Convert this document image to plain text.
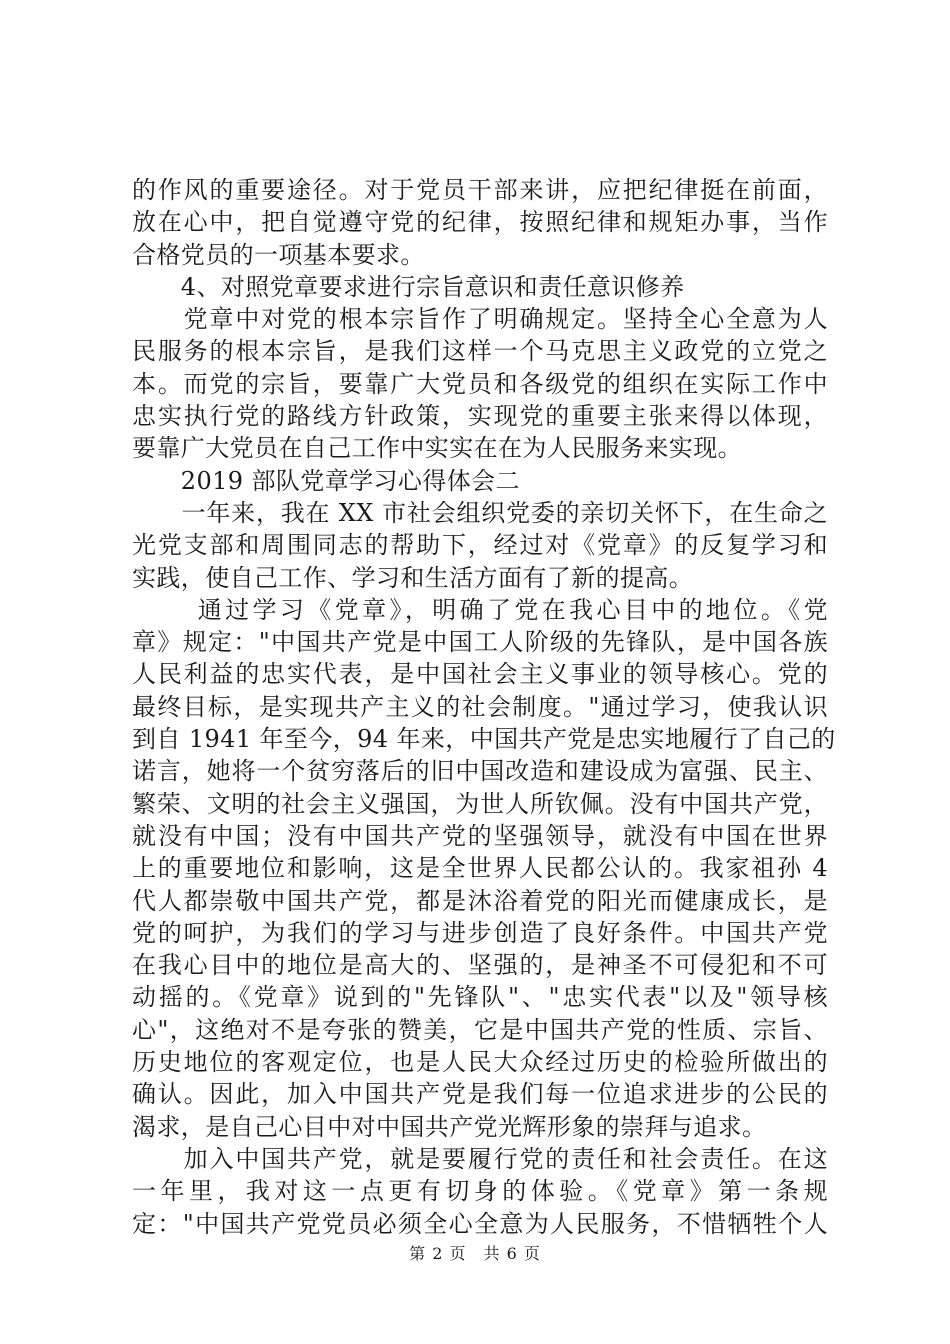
的作风的重要途径。对于党员干部来讲，应把纪律挺在前面，
放在心中，把自觉遵守党的纪律，按照纪律和规矩办事，当作
合格党员的一项基本要求。
　　4、对照党章要求进行宗旨意识和责任意识修养
　　党章中对党的根本宗旨作了明确规定。坚持全心全意为人
民服务的根本宗旨，是我们这样一个马克思主义政党的立党之
本。而党的宗旨，要靠广大党员和各级党的组织在实际工作中
忠实执行党的路线方针政策，实现党的重要主张来得以体现，
要靠广大党员在自己工作中实实在在为人民服务来实现。
　　2019 部队党章学习心得体会二
　　一年来，我在 XX 市社会组织党委的亲切关怀下，在生命之
光党支部和周围同志的帮助下，经过对《党章》的反复学习和
实践，使自己工作、学习和生活方面有了新的提高。
　　 通过学习《党章》，明确了党在我心目中的地位。《党
章》规定："中国共产党是中国工人阶级的先锋队，是中国各族
人民利益的忠实代表，是中国社会主义事业的领导核心。党的
最终目标，是实现共产主义的社会制度。"通过学习，使我认识
到自 1941 年至今，94 年来，中国共产党是忠实地履行了自己的
诺言，她将一个贫穷落后的旧中国改造和建设成为富强、民主、
繁荣、文明的社会主义强国，为世人所钦佩。没有中国共产党，
就没有中国；没有中国共产党的坚强领导，就没有中国在世界
上的重要地位和影响，这是全世界人民都公认的。我家祖孙 4
代人都崇敬中国共产党，都是沐浴着党的阳光而健康成长，是
党的呵护，为我们的学习与进步创造了良好条件。中国共产党
在我心目中的地位是高大的、坚强的，是神圣不可侵犯和不可
动摇的。《党章》说到的"先锋队"、"忠实代表"以及"领导核
心"，这绝对不是夸张的赞美，它是中国共产党的性质、宗旨、
历史地位的客观定位，也是人民大众经过历史的检验所做出的
确认。因此，加入中国共产党是我们每一位追求进步的公民的
渴求，是自己心目中对中国共产党光辉形象的崇拜与追求。
　　加入中国共产党，就是要履行党的责任和社会责任。在这
一年里，我对这一点更有切身的体验。《党章》第一条规
定："中国共产党党员必须全心全意为人民服务，不惜牺牲个人
第 2 页　共 6 页
